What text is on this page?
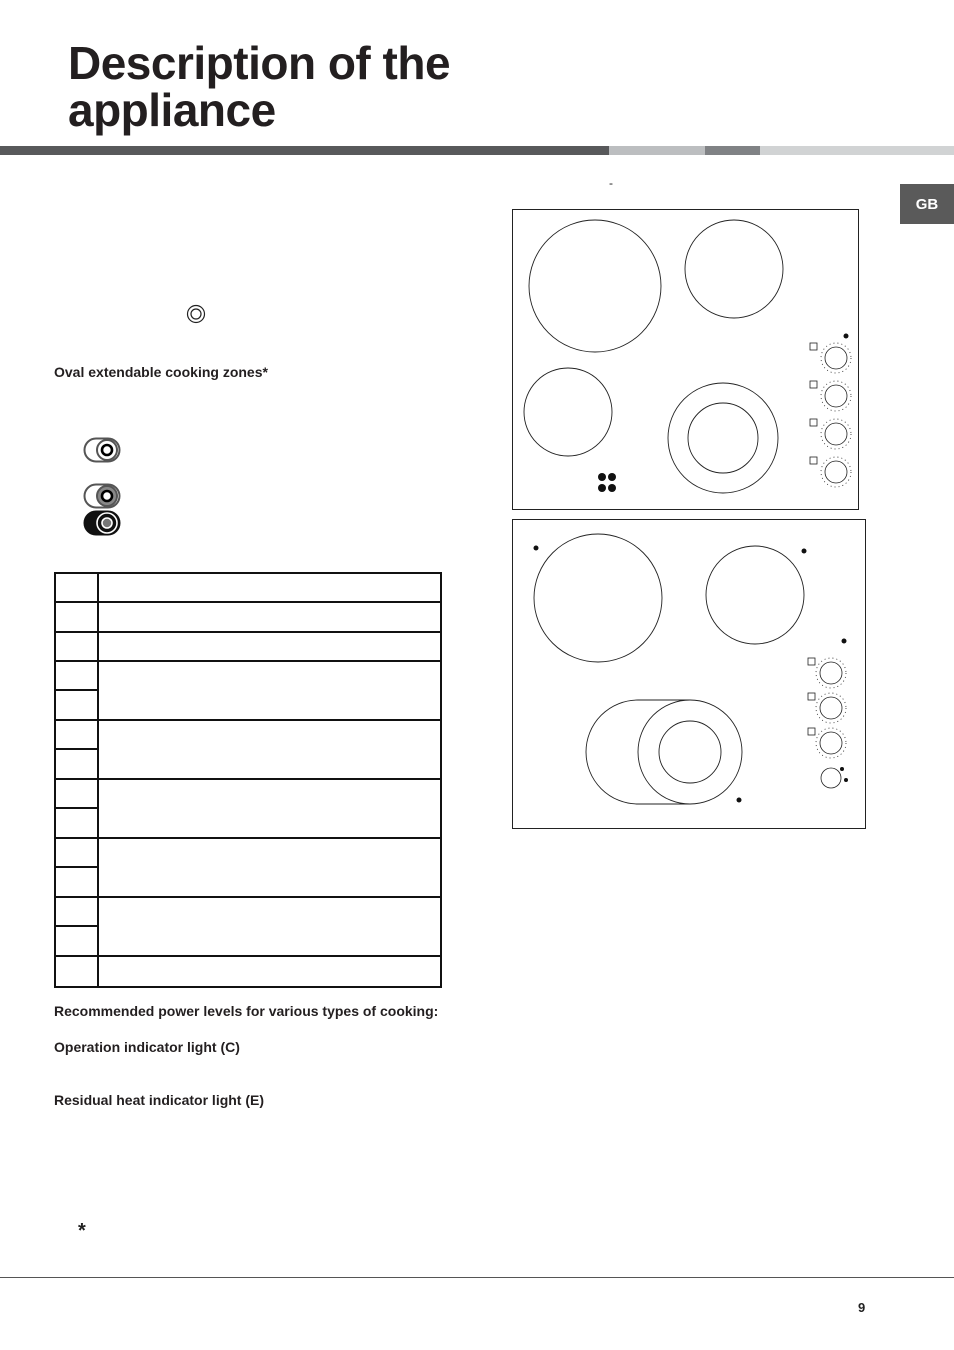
Description of the
appliance
GB
-

Oval extendable cooking zones*

Recommended power levels for various types of cooking:

Operation indicator light (C)

Residual heat indicator light (E)

*
9
